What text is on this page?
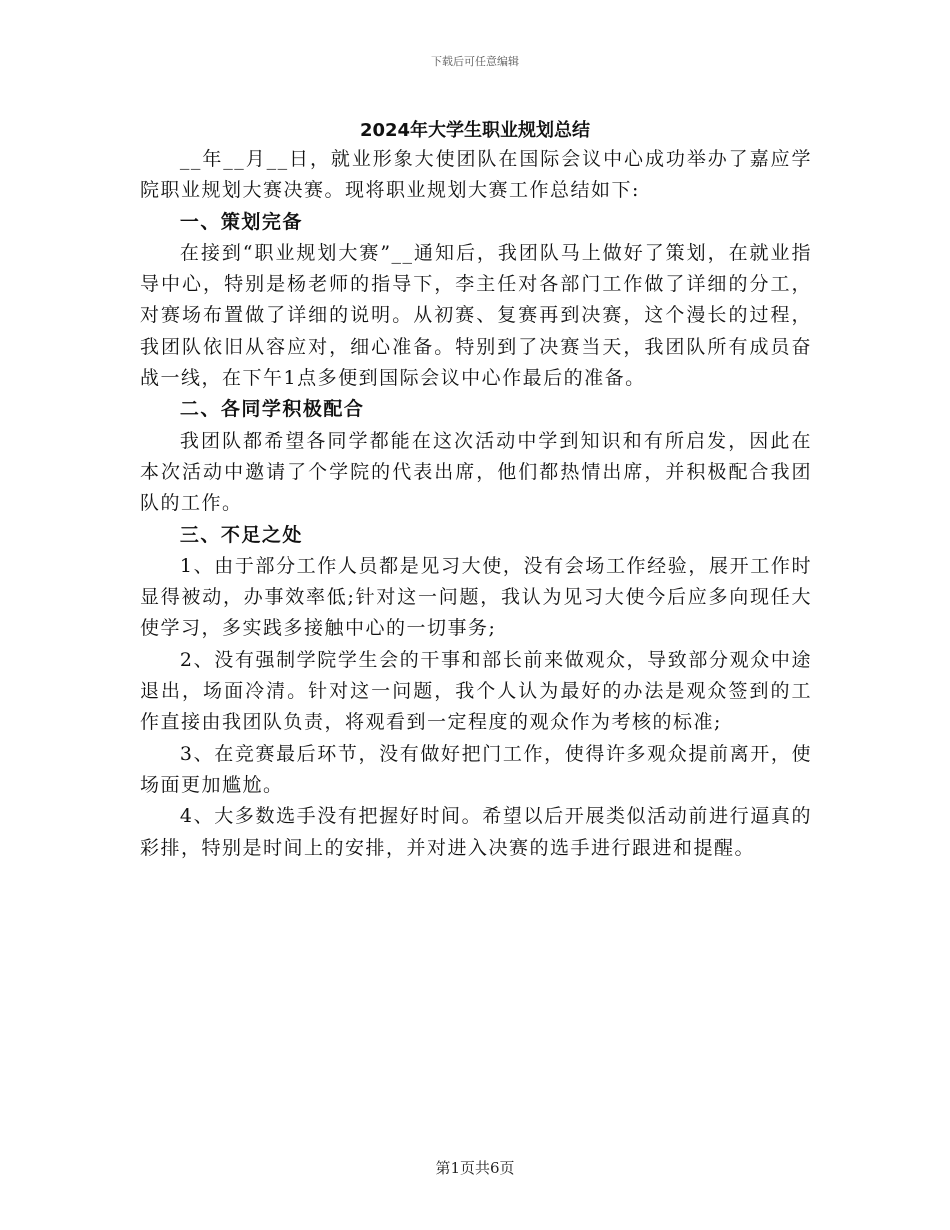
下载后可任意编辑
2024年大学生职业规划总结

__年__月__日，就业形象大使团队在国际会议中心成功举办了嘉应学院职业规划大赛决赛。现将职业规划大赛工作总结如下:

一、策划完备

在接到“职业规划大赛”__通知后，我团队马上做好了策划，在就业指导中心，特别是杨老师的指导下，李主任对各部门工作做了详细的分工，对赛场布置做了详细的说明。从初赛、复赛再到决赛，这个漫长的过程，我团队依旧从容应对，细心准备。特别到了决赛当天，我团队所有成员奋战一线，在下午1点多便到国际会议中心作最后的准备。

二、各同学积极配合

我团队都希望各同学都能在这次活动中学到知识和有所启发，因此在本次活动中邀请了个学院的代表出席，他们都热情出席，并积极配合我团队的工作。

三、不足之处

1、由于部分工作人员都是见习大使，没有会场工作经验，展开工作时显得被动，办事效率低;针对这一问题，我认为见习大使今后应多向现任大使学习，多实践多接触中心的一切事务;

2、没有强制学院学生会的干事和部长前来做观众，导致部分观众中途退出，场面冷清。针对这一问题，我个人认为最好的办法是观众签到的工作直接由我团队负责，将观看到一定程度的观众作为考核的标准;

3、在竞赛最后环节，没有做好把门工作，使得许多观众提前离开，使场面更加尴尬。

4、大多数选手没有把握好时间。希望以后开展类似活动前进行逼真的彩排，特别是时间上的安排，并对进入决赛的选手进行跟进和提醒。

第1页共6页
